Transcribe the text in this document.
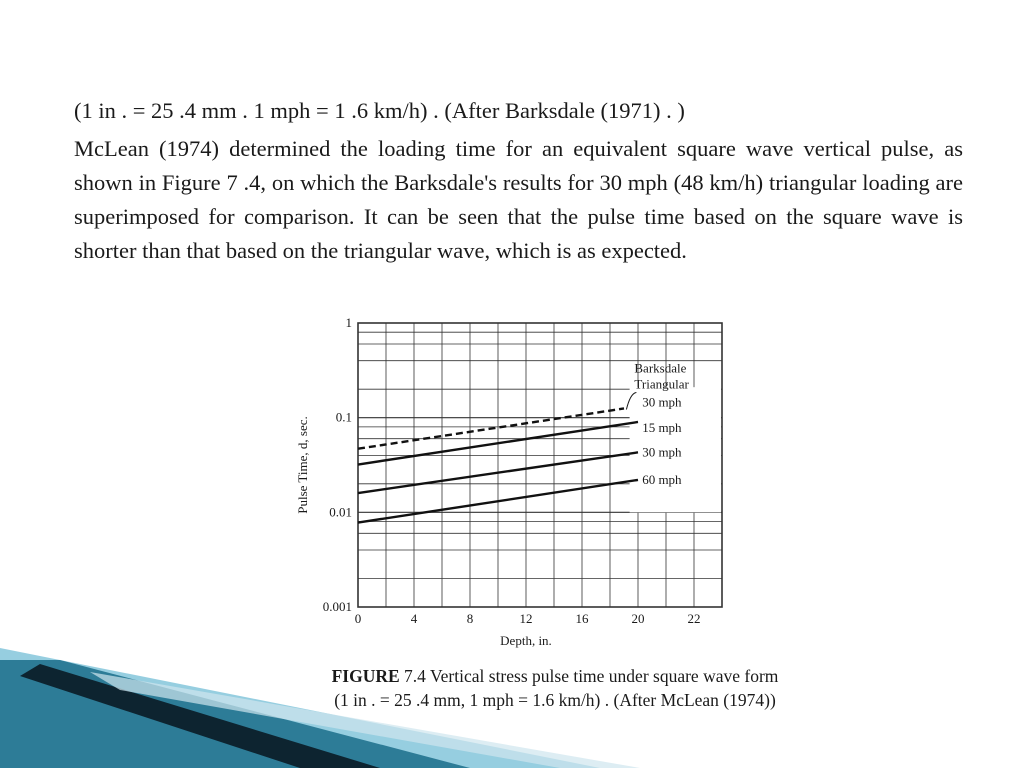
(1 in . = 25 .4 mm . 1 mph = 1 .6 km/h) . (After Barksdale (1971) . )
McLean (1974) determined the loading time for an equivalent square wave vertical pulse, as shown in Figure 7 .4, on which the Barksdale's results for 30 mph (48 km/h) triangular loading are superimposed for comparison. It can be seen that the pulse time based on the square wave is shorter than that based on the triangular wave, which is as expected.
0	4	8	12	16	20	22
0.001
0.01
0.1
1
Depth, in.
Pulse Time, d, sec.
Barksdale
Triangular
30 mph
15 mph
30 mph
60 mph
FIGURE 7.4 Vertical stress pulse time under square wave form
(1 in . = 25 .4 mm, 1 mph = 1.6 km/h) . (After McLean (1974))
